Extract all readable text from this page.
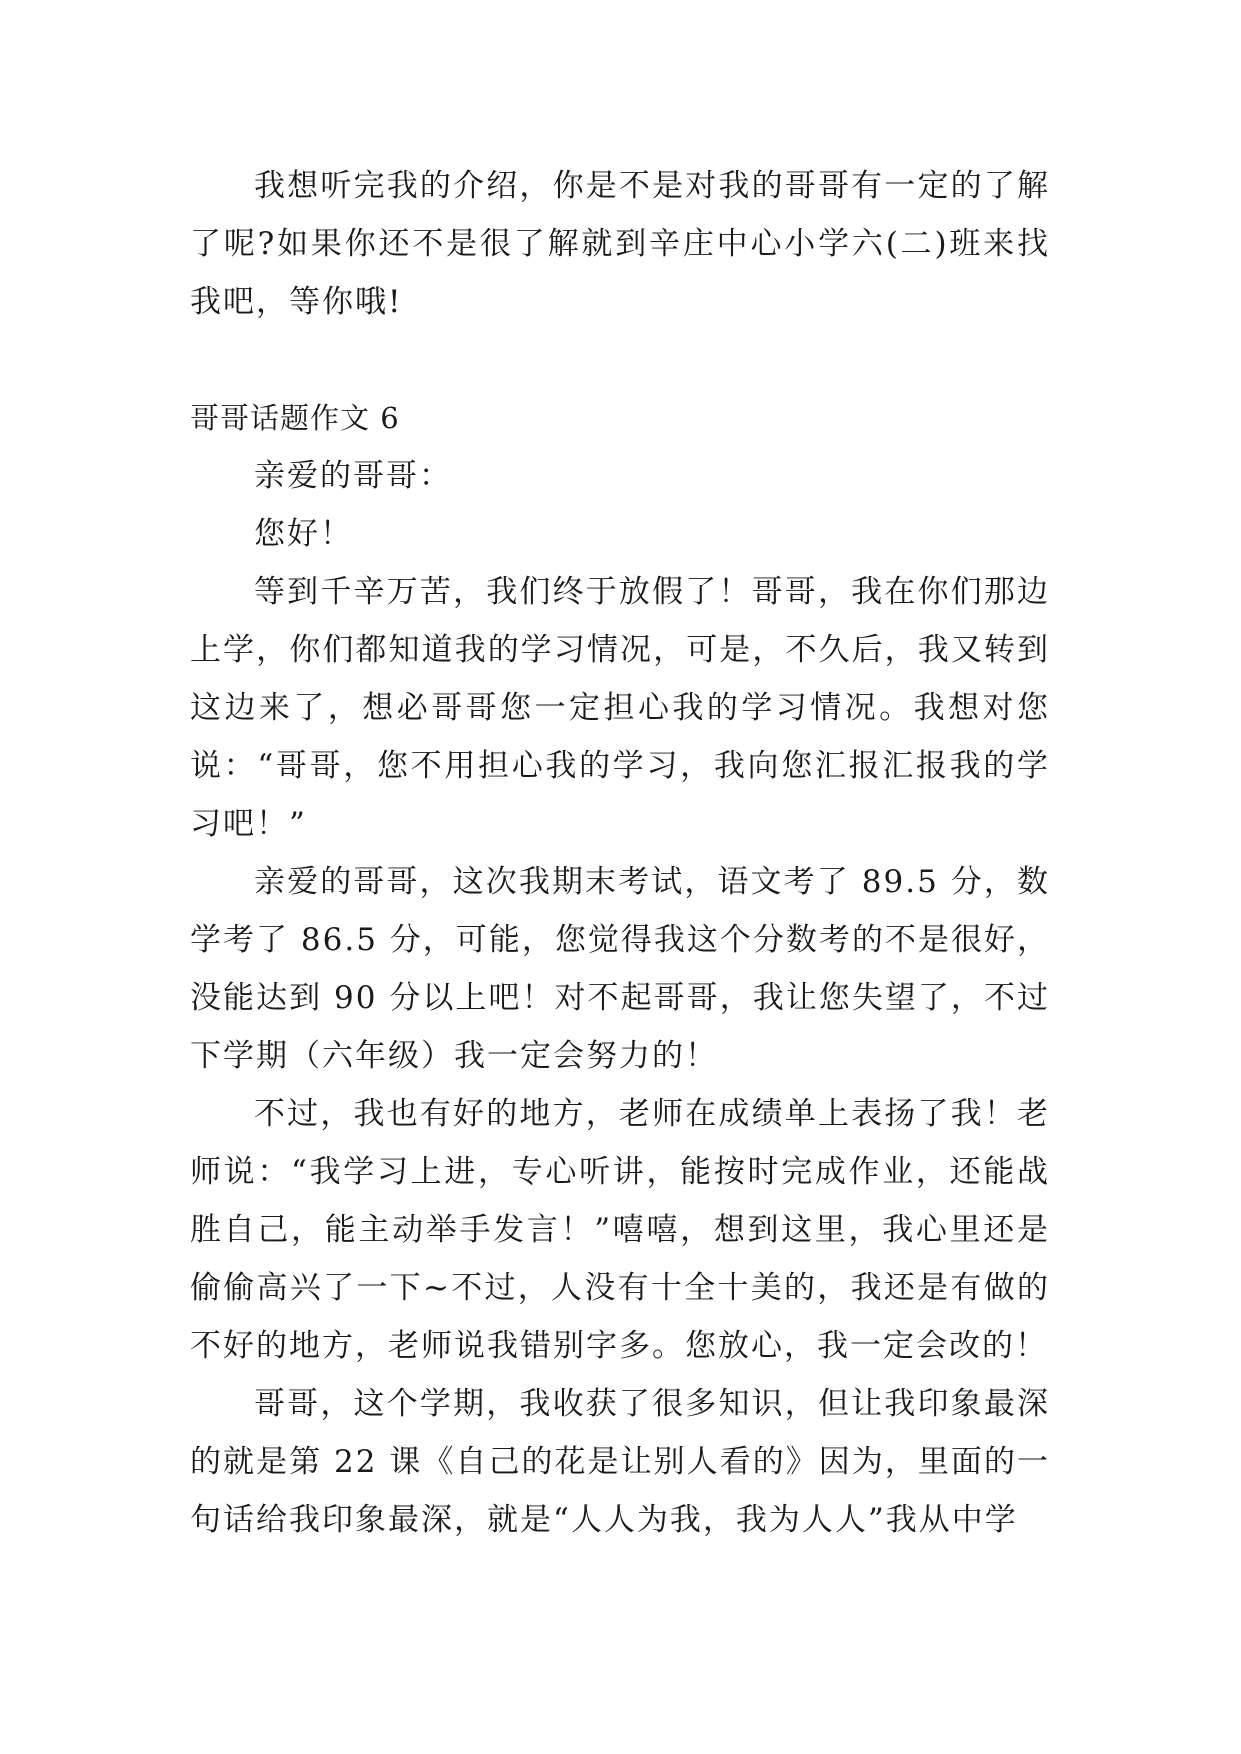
我想听完我的介绍，你是不是对我的哥哥有一定的了解了呢?如果你还不是很了解就到辛庄中心小学六(二)班来找我吧，等你哦!

哥哥话题作文 6

亲爱的哥哥：

您好！

等到千辛万苦，我们终于放假了！哥哥，我在你们那边上学，你们都知道我的学习情况，可是，不久后，我又转到这边来了，想必哥哥您一定担心我的学习情况。我想对您说：“哥哥，您不用担心我的学习，我向您汇报汇报我的学习吧！”

亲爱的哥哥，这次我期末考试，语文考了 89.5 分，数学考了 86.5 分，可能，您觉得我这个分数考的不是很好，没能达到 90 分以上吧！对不起哥哥，我让您失望了，不过下学期（六年级）我一定会努力的！

不过，我也有好的地方，老师在成绩单上表扬了我！老师说：“我学习上进，专心听讲，能按时完成作业，还能战胜自己，能主动举手发言！”嘻嘻，想到这里，我心里还是偷偷高兴了一下~不过，人没有十全十美的，我还是有做的不好的地方，老师说我错别字多。您放心，我一定会改的！

哥哥，这个学期，我收获了很多知识，但让我印象最深的就是第 22 课《自己的花是让别人看的》因为，里面的一句话给我印象最深，就是“人人为我，我为人人”我从中学
